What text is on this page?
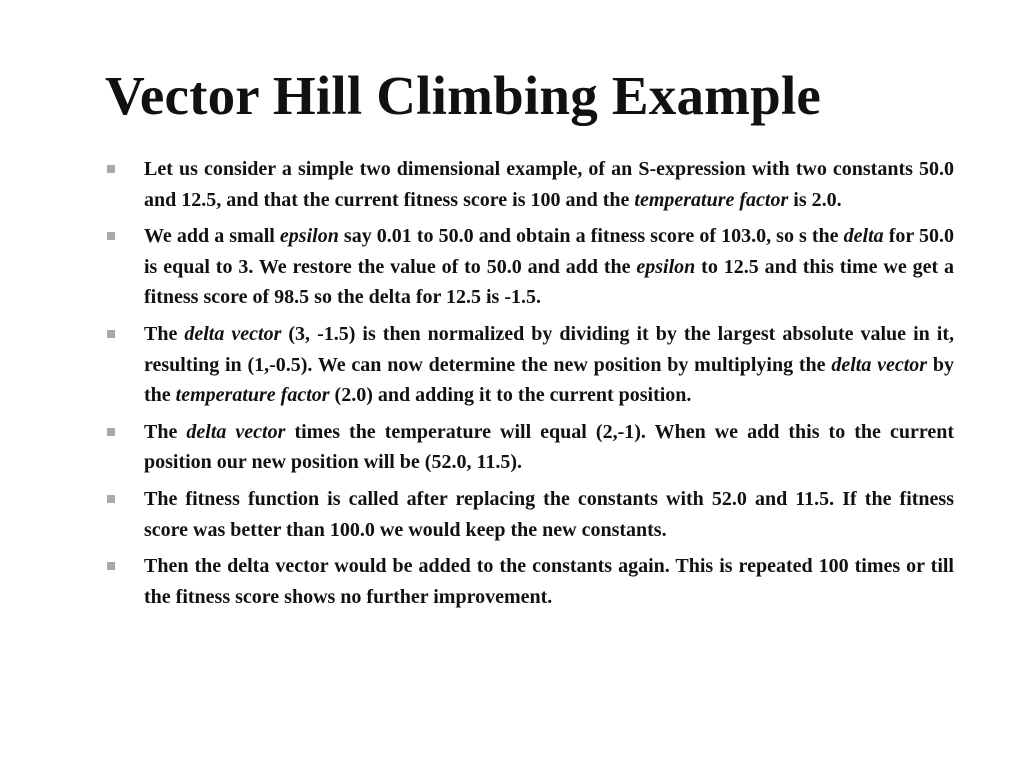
Vector Hill Climbing Example
Let us consider a simple two dimensional example, of an S-expression with two constants 50.0 and 12.5, and that the current fitness score is 100 and the temperature factor is 2.0.
We add a small epsilon say 0.01 to 50.0 and obtain a fitness score of 103.0, so s the delta for 50.0 is equal to 3. We restore the value of to 50.0 and add the epsilon to 12.5 and this time we get a fitness score of 98.5 so the delta for 12.5 is -1.5.
The delta vector (3, -1.5) is then normalized by dividing it by the largest absolute value in it, resulting in (1,-0.5). We can now determine the new position by multiplying the delta vector by the temperature factor (2.0) and adding it to the current position.
The delta vector times the temperature will equal (2,-1). When we add this to the current position our new position will be (52.0, 11.5).
The fitness function is called after replacing the constants with 52.0 and 11.5. If the fitness score was better than 100.0 we would keep the new constants.
Then the delta vector would be added to the constants again. This is repeated 100 times or till the fitness score shows no further improvement.
